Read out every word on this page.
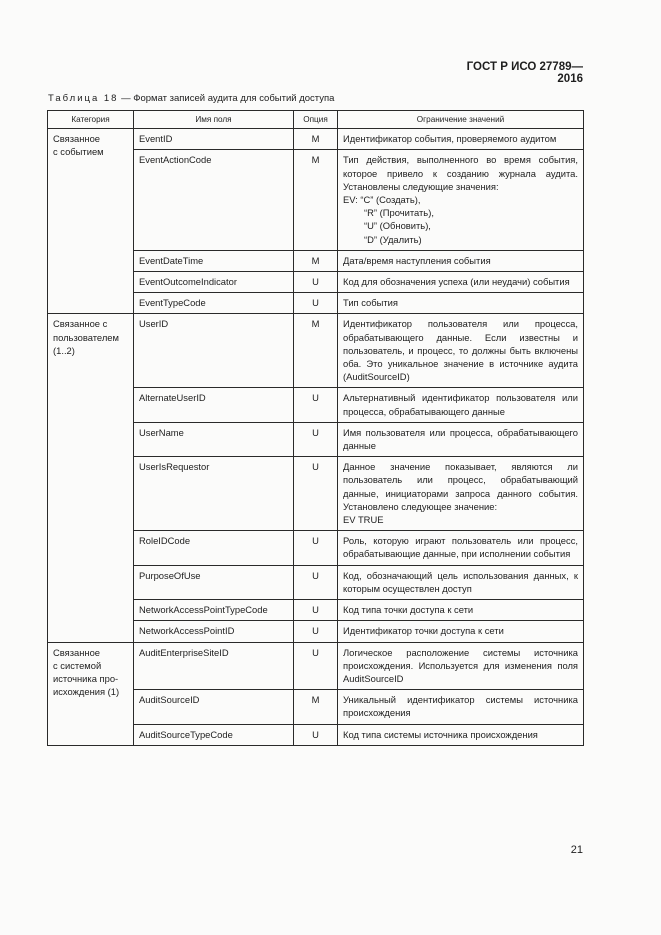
ГОСТ Р ИСО 27789—2016
Таблица 18 — Формат записей аудита для событий доступа
Категория	Имя поля	Опция	Ограничение значений

Связанное
с событием	EventID	M	Идентификатор события, проверяемого аудитом

	EventActionCode	M	Тип действия, выполненного во время события, которое привело к созданию журнала аудита. Установлены следующие значения:
EV: “C” (Создать),
“R” (Прочитать),
“U” (Обновить),
“D” (Удалить)

	EventDateTime	M	Дата/время наступления события

	EventOutcomeIndicator	U	Код для обозначения успеха (или неудачи) события

	EventTypeCode	U	Тип события

Связанное с
пользователем
(1..2)	UserID	M	Идентификатор пользователя или процесса, обрабатывающего данные. Если известны и пользователь, и процесс, то должны быть включены оба. Это уникальное значение в источнике аудита (AuditSourceID)

	AlternateUserID	U	Альтернативный идентификатор пользователя или процесса, обрабатывающего данные

	UserName	U	Имя пользователя или процесса, обрабатывающего данные

	UserIsRequestor	U	Данное значение показывает, являются ли пользователь или процесс, обрабатывающий данные, инициаторами запроса данного события. Установлено следующее значение:
EV TRUE

	RoleIDCode	U	Роль, которую играют пользователь или процесс, обрабатывающие данные, при исполнении события

	PurposeOfUse	U	Код, обозначающий цель использования данных, к которым осуществлен доступ

	NetworkAccessPointTypeCode	U	Код типа точки доступа к сети

	NetworkAccessPointID	U	Идентификатор точки доступа к сети

Связанное
с системой
источника про-
исхождения (1)	AuditEnterpriseSiteID	U	Логическое расположение системы источника происхождения. Используется для изменения поля AuditSourceID

	AuditSourceID	M	Уникальный идентификатор системы источника происхождения

	AuditSourceTypeCode	U	Код типа системы источника происхождения
21
